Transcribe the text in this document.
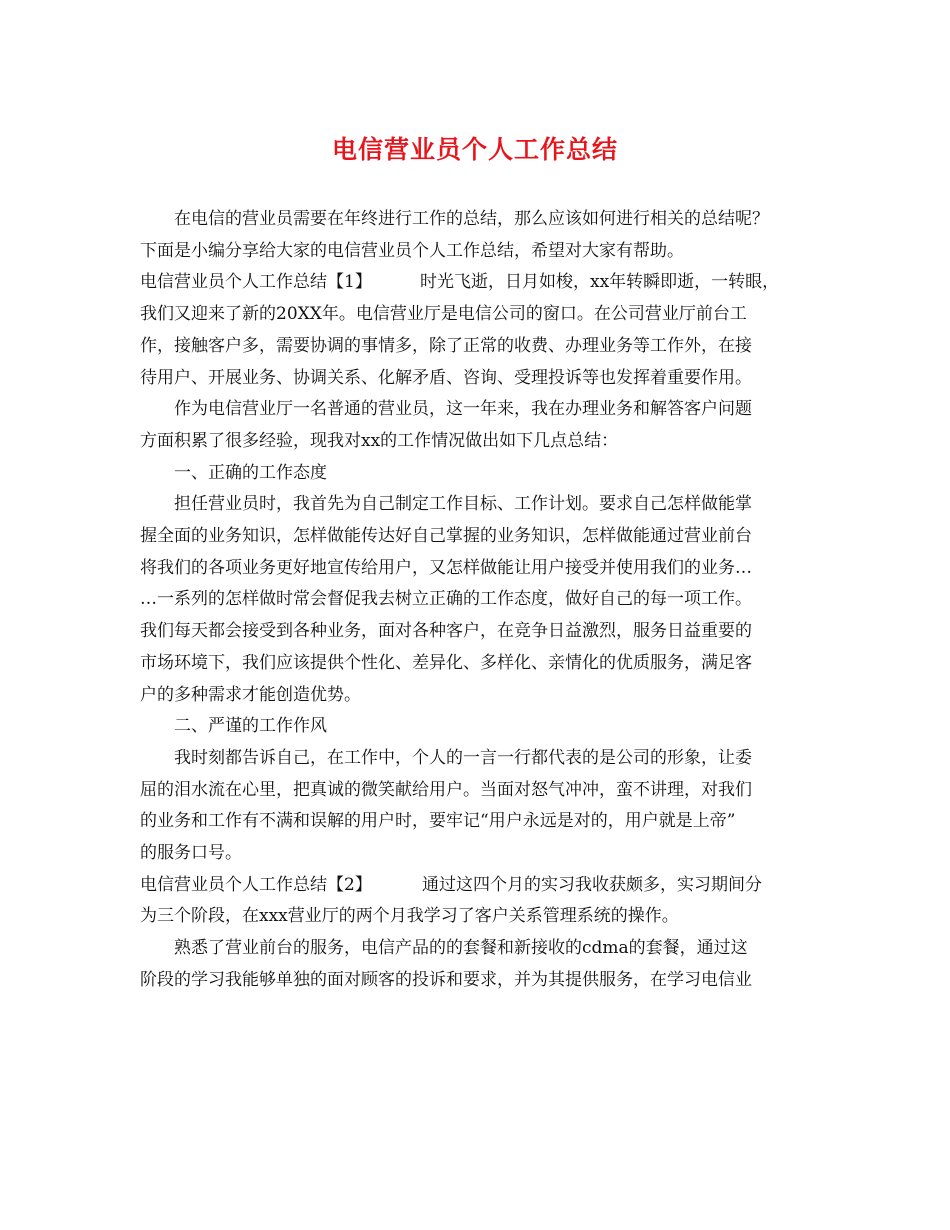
电信营业员个人工作总结

在电信的营业员需要在年终进行工作的总结，那么应该如何进行相关的总结呢？

下面是小编分享给大家的电信营业员个人工作总结，希望对大家有帮助。

电信营业员个人工作总结【1】	时光飞逝，日月如梭，xx年转瞬即逝，一转眼，

我们又迎来了新的20XX年。电信营业厅是电信公司的窗口。在公司营业厅前台工

作，接触客户多，需要协调的事情多，除了正常的收费、办理业务等工作外，在接

待用户、开展业务、协调关系、化解矛盾、咨询、受理投诉等也发挥着重要作用。

作为电信营业厅一名普通的营业员，这一年来，我在办理业务和解答客户问题

方面积累了很多经验，现我对xx的工作情况做出如下几点总结：

一、正确的工作态度

担任营业员时，我首先为自己制定工作目标、工作计划。要求自己怎样做能掌

握全面的业务知识，怎样做能传达好自己掌握的业务知识，怎样做能通过营业前台

将我们的各项业务更好地宣传给用户，又怎样做能让用户接受并使用我们的业务…

…一系列的怎样做时常会督促我去树立正确的工作态度，做好自己的每一项工作。

我们每天都会接受到各种业务，面对各种客户，在竞争日益激烈，服务日益重要的

市场环境下，我们应该提供个性化、差异化、多样化、亲情化的优质服务，满足客

户的多种需求才能创造优势。

二、严谨的工作作风

我时刻都告诉自己，在工作中，个人的一言一行都代表的是公司的形象，让委

屈的泪水流在心里，把真诚的微笑献给用户。当面对怒气冲冲，蛮不讲理，对我们

的业务和工作有不满和误解的用户时，要牢记“用户永远是对的，用户就是上帝”

的服务口号。

电信营业员个人工作总结【2】	通过这四个月的实习我收获颇多，实习期间分

为三个阶段，在xxx营业厅的两个月我学习了客户关系管理系统的操作。

熟悉了营业前台的服务，电信产品的的套餐和新接收的cdma的套餐，通过这

阶段的学习我能够单独的面对顾客的投诉和要求，并为其提供服务，在学习电信业
